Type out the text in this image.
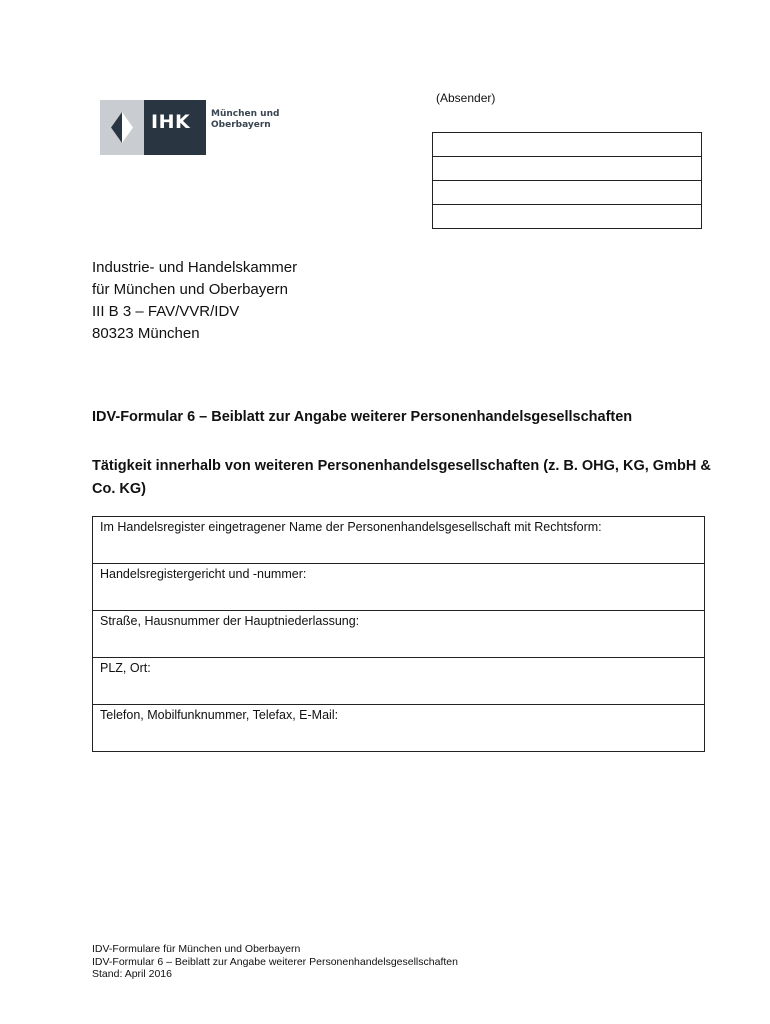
IHK München und
Oberbayern
(Absender)
Industrie- und Handelskammer
für München und Oberbayern
III B 3 – FAV/VVR/IDV
80323 München
IDV-Formular 6 – Beiblatt zur Angabe weiterer Personenhandelsgesellschaften
Tätigkeit innerhalb von weiteren Personenhandelsgesellschaften (z. B. OHG, KG, GmbH & Co. KG)
Im Handelsregister eingetragener Name der Personenhandelsgesellschaft mit Rechtsform:
Handelsregistergericht und -nummer:
Straße, Hausnummer der Hauptniederlassung:
PLZ, Ort:
Telefon, Mobilfunknummer, Telefax, E-Mail:
IDV-Formulare für München und Oberbayern
IDV-Formular 6 – Beiblatt zur Angabe weiterer Personenhandelsgesellschaften
Stand: April 2016
